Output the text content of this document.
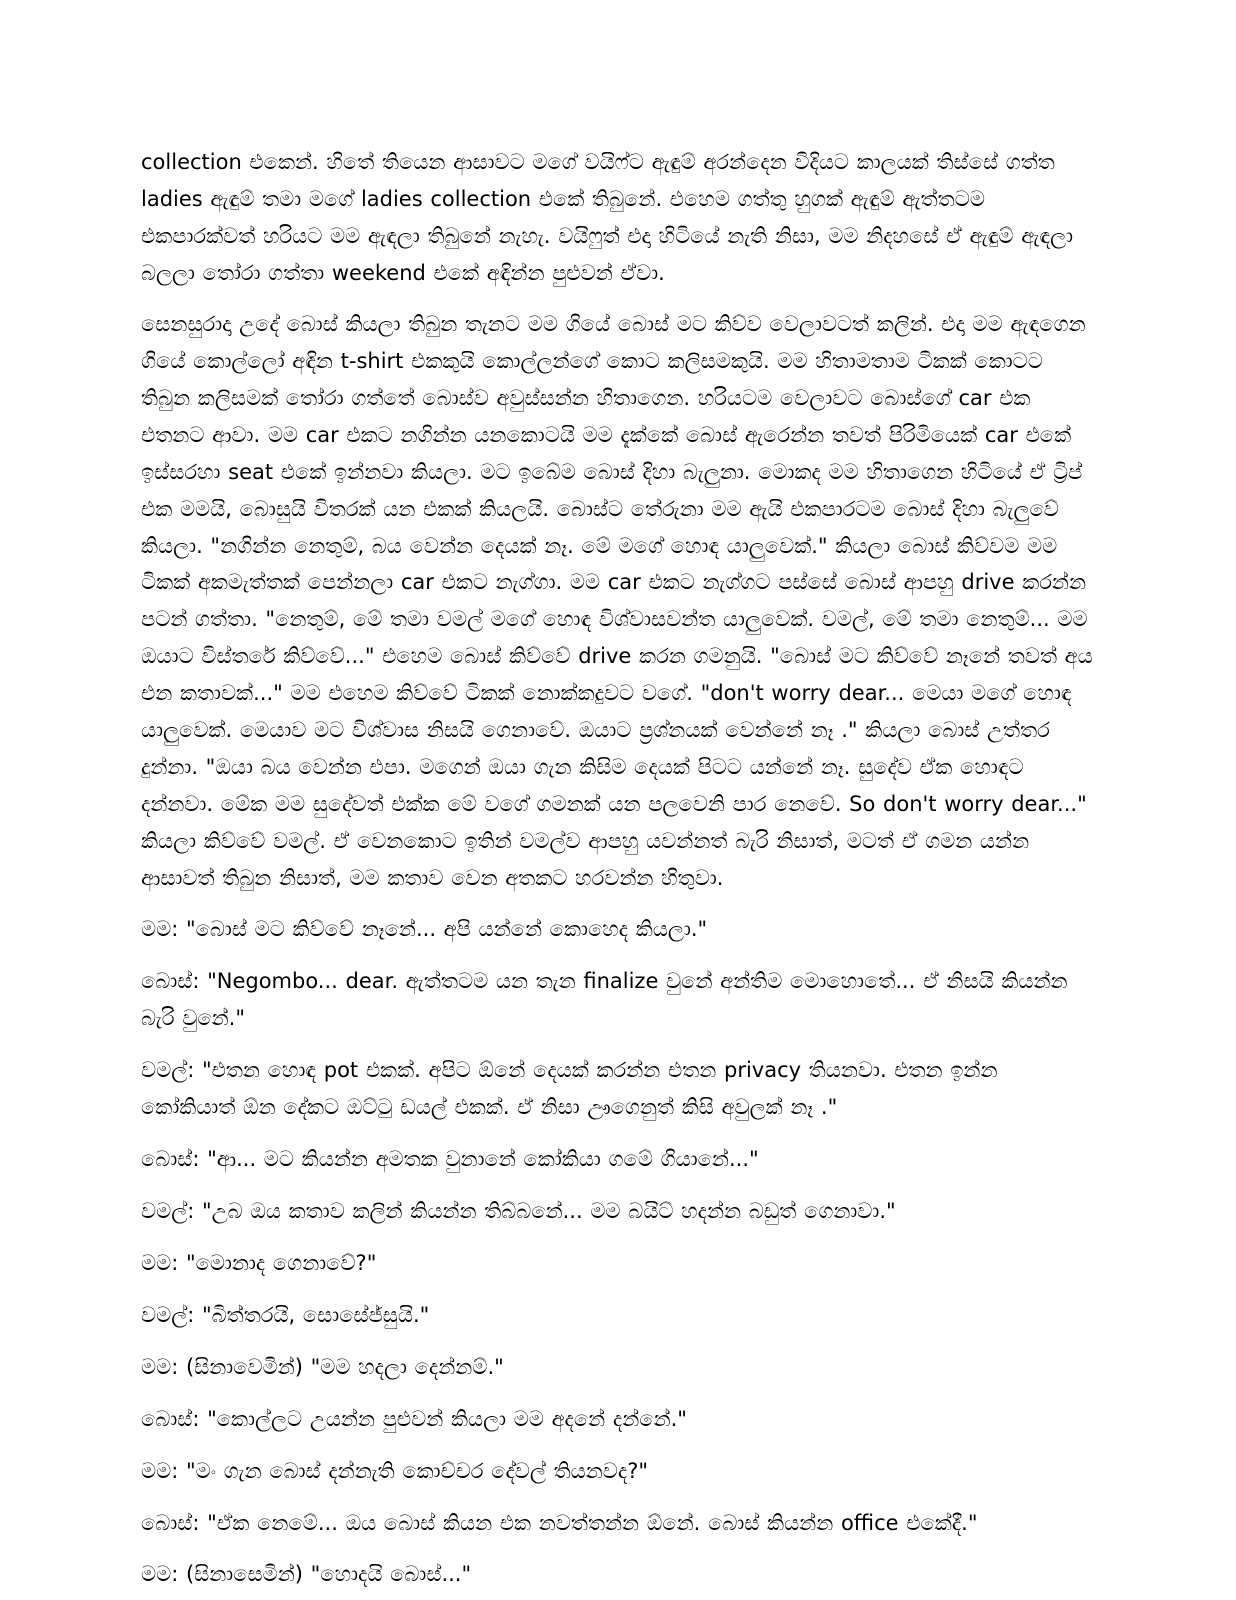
collection එකෙන්. හිතේ තියෙන ආසාවට මගේ වයිෆ්ට ඇඳුම් අරන්දෙන විදියට කාලයක් තිස්සේ ගත්ත ladies ඇඳුම් තමා මගේ ladies collection එකේ තිබුනේ. එහෙම ගත්තු හුගක් ඇඳුම් ඇත්තටම එකපාරක්වත් හරියට මම ඇඳලා තිබුනේ නැහැ. වයිෆුත් එදා හිටියේ නැති නිසා, මම නිදහසේ ඒ ඇඳුම් ඇඳලා බලලා තෝරා ගත්තා weekend එකේ අඳින්න පුළුවන් ඒවා.

සෙනසුරාදා උදේ බොස් කියලා තිබුන තැනට මම ගියේ බොස් මට කිව්ව වෙලාවටත් කලින්. එදා මම ඇඳගෙන ගියේ කොල්ලෝ අඳින t-shirt එකකුයි කොල්ලන්ගේ කොට කලිසමකුයි. මම හිතාමතාම ටිකක් කොටට තිබුන කලිසමක් තෝරා ගත්තේ බොස්ව අවුස්සන්න හිතාගෙන. හරියටම වෙලාවට බොස්ගේ car එක එතනට ආවා. මම car එකට නගින්න යනකොටයි මම දැක්කේ බොස් ඇරෙන්න තවත් පිරිමියෙක් car එකේ ඉස්සරහා seat එකේ ඉන්නවා කියලා. මට ඉබේම බොස් දිහා බැලුනා. මොකද මම හිතාගෙන හිටියේ ඒ ට්‍රිප් එක මමයි, බොසුයි විතරක් යන එකක් කියලයි. බොස්ට තේරුනා මම ඇයි එකපාරටම බොස් දිහා බැලුවේ කියලා. "නගින්න නෙතුම්, බය වෙන්න දෙයක් නෑ. මේ මගේ හොඳ යාලුවෙක්." කියලා බොස් කිව්වම මම ටිකක් අකමැත්තක් පෙන්නලා car එකට නැග්ගා. මම car එකට නැග්ගට පස්සේ බොස් ආපහු drive කරන්න පටන් ගත්තා. "නෙතුම්, මේ තමා වමල් මගේ හොඳ විශ්වාසවන්ත යාලුවෙක්. වමල්, මේ තමා නෙතුම්... මම ඔයාට විස්තරේ කිව්වේ..." එහෙම බොස් කිව්වේ drive කරන ගමනුයි. "බොස් මට කිව්වේ නෑනේ තවත් අය එන කතාවක්..." මම එහෙම කිව්වේ ටිකක් නොක්කදුවට වගේ. "don't worry dear... මෙයා මගේ හොඳ යාලුවෙක්. මෙයාව මට විශ්වාස නිසයි ගෙනාවේ. ඔයාට ප්‍රශ්නයක් වෙන්නේ නෑ ." කියලා බොස් උත්තර දුන්නා. "ඔයා බය වෙන්න එපා. මගෙන් ඔයා ගැන කිසිම දෙයක් පිටට යන්නේ නෑ. සුදේව ඒක හොඳට දන්නවා. මේක මම සුදේවත් එක්ක මේ වගේ ගමනක් යන පලවෙනි පාර නෙවේ. So don't worry dear..." කියලා කිව්වේ වමල්. ඒ වෙනකොට ඉතින් වමල්ව ආපහු යවන්නත් බැරි නිසාත්, මටත් ඒ ගමන යන්න ආසාවත් තිබුන නිසාත්, මම කතාව වෙන අතකට හරවන්න හිතුවා.

මම: "බොස් මට කිව්වේ නෑනේ... අපි යන්නේ කොහෙද කියලා."

බොස්: "Negombo... dear. ඇත්තටම යන තැන finalize වුනේ අන්තිම මොහොතේ... ඒ නිසයි කියන්න බැරි වුනේ."

වමල්: "එතන හොඳ pot එකක්. අපිට ඕනේ දෙයක් කරන්න එතන privacy තියනවා. එතන ඉන්න කෝකියාත් ඕන දේකට ඔට්ටු ඩයල් එකක්. ඒ නිසා ඌගෙනුත් කිසි අවුලක් නෑ ."

බොස්: "ආ... මට කියන්න අමතක වුනානේ කෝකියා ගමේ ගියානේ..."

වමල්: "උබ ඔය කතාව කලින් කියන්න තිබ්බනේ... මම බයිට් හදන්න බඩුත් ගෙනාවා."

මම: "මොනාද ගෙනාවේ?"

වමල්: "බිත්තරයි, සොසේජ්සුයි."

මම: (සිනාවෙමින්) "මම හදලා දෙන්නම්."

බොස්: "කොල්ලට උයන්න පුළුවන් කියලා මම අදනේ දන්නේ."

මම: "මං ගැන බොස් දන්නැති කොච්චර දේවල් තියනවද?"

බොස්: "ඒක නෙමේ... ඔය බොස් කියන එක නවත්තන්න ඕනේ. බොස් කියන්න office එකේදී."

මම: (සිනාසෙමින්) "හොදයි බොස්..."
